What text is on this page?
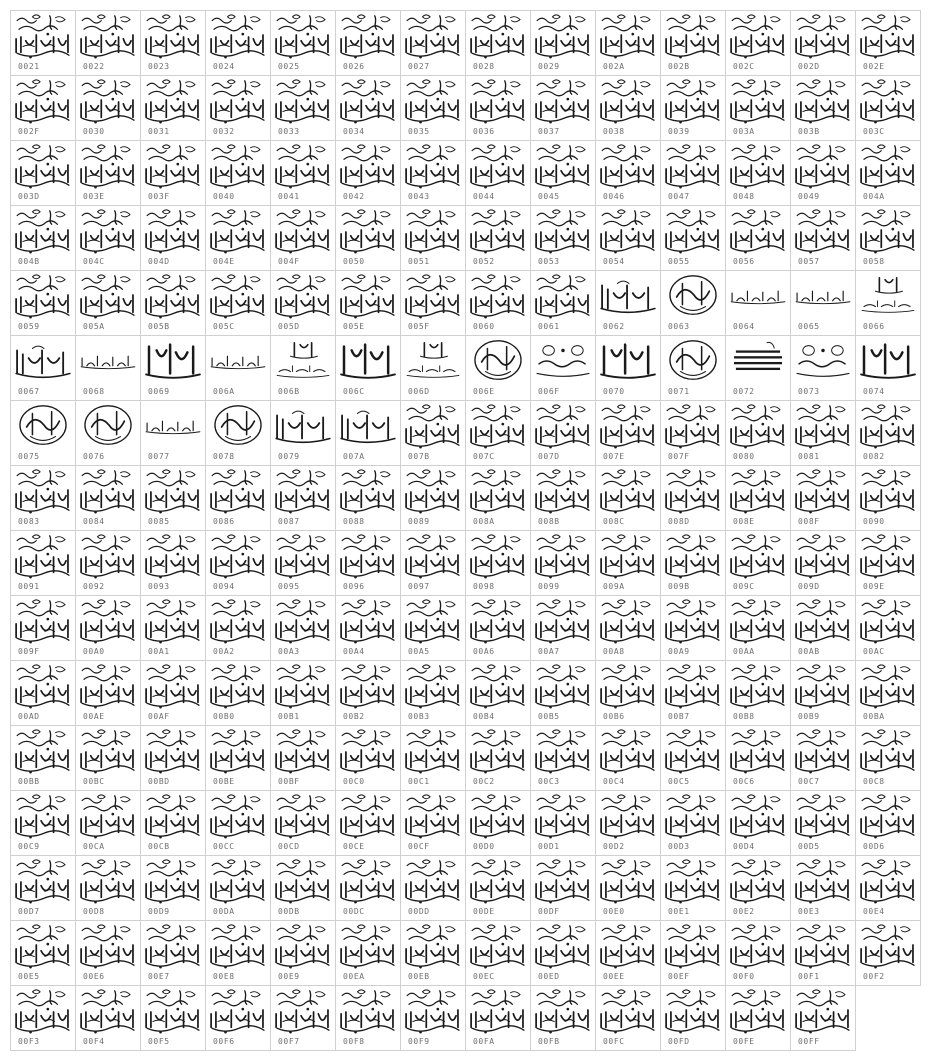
0021	0022	0023	0024	0025	0026	0027	0028	0029	002A	002B	002C	002D	002E
002F	0030	0031	0032	0033	0034	0035	0036	0037	0038	0039	003A	003B	003C
003D	003E	003F	0040	0041	0042	0043	0044	0045	0046	0047	0048	0049	004A
004B	004C	004D	004E	004F	0050	0051	0052	0053	0054	0055	0056	0057	0058
0059	005A	005B	005C	005D	005E	005F	0060	0061	0062	0063	0064	0065	0066
0067	0068	0069	006A	006B	006C	006D	006E	006F	0070	0071	0072	0073	0074
0075	0076	0077	0078	0079	007A	007B	007C	007D	007E	007F	0080	0081	0082
0083	0084	0085	0086	0087	0088	0089	008A	008B	008C	008D	008E	008F	0090
0091	0092	0093	0094	0095	0096	0097	0098	0099	009A	009B	009C	009D	009E
009F	00A0	00A1	00A2	00A3	00A4	00A5	00A6	00A7	00A8	00A9	00AA	00AB	00AC
00AD	00AE	00AF	00B0	00B1	00B2	00B3	00B4	00B5	00B6	00B7	00B8	00B9	00BA
00BB	00BC	00BD	00BE	00BF	00C0	00C1	00C2	00C3	00C4	00C5	00C6	00C7	00C8
00C9	00CA	00CB	00CC	00CD	00CE	00CF	00D0	00D1	00D2	00D3	00D4	00D5	00D6
00D7	00D8	00D9	00DA	00DB	00DC	00DD	00DE	00DF	00E0	00E1	00E2	00E3	00E4
00E5	00E6	00E7	00E8	00E9	00EA	00EB	00EC	00ED	00EE	00EF	00F0	00F1	00F2
00F3	00F4	00F5	00F6	00F7	00F8	00F9	00FA	00FB	00FC	00FD	00FE	00FF
